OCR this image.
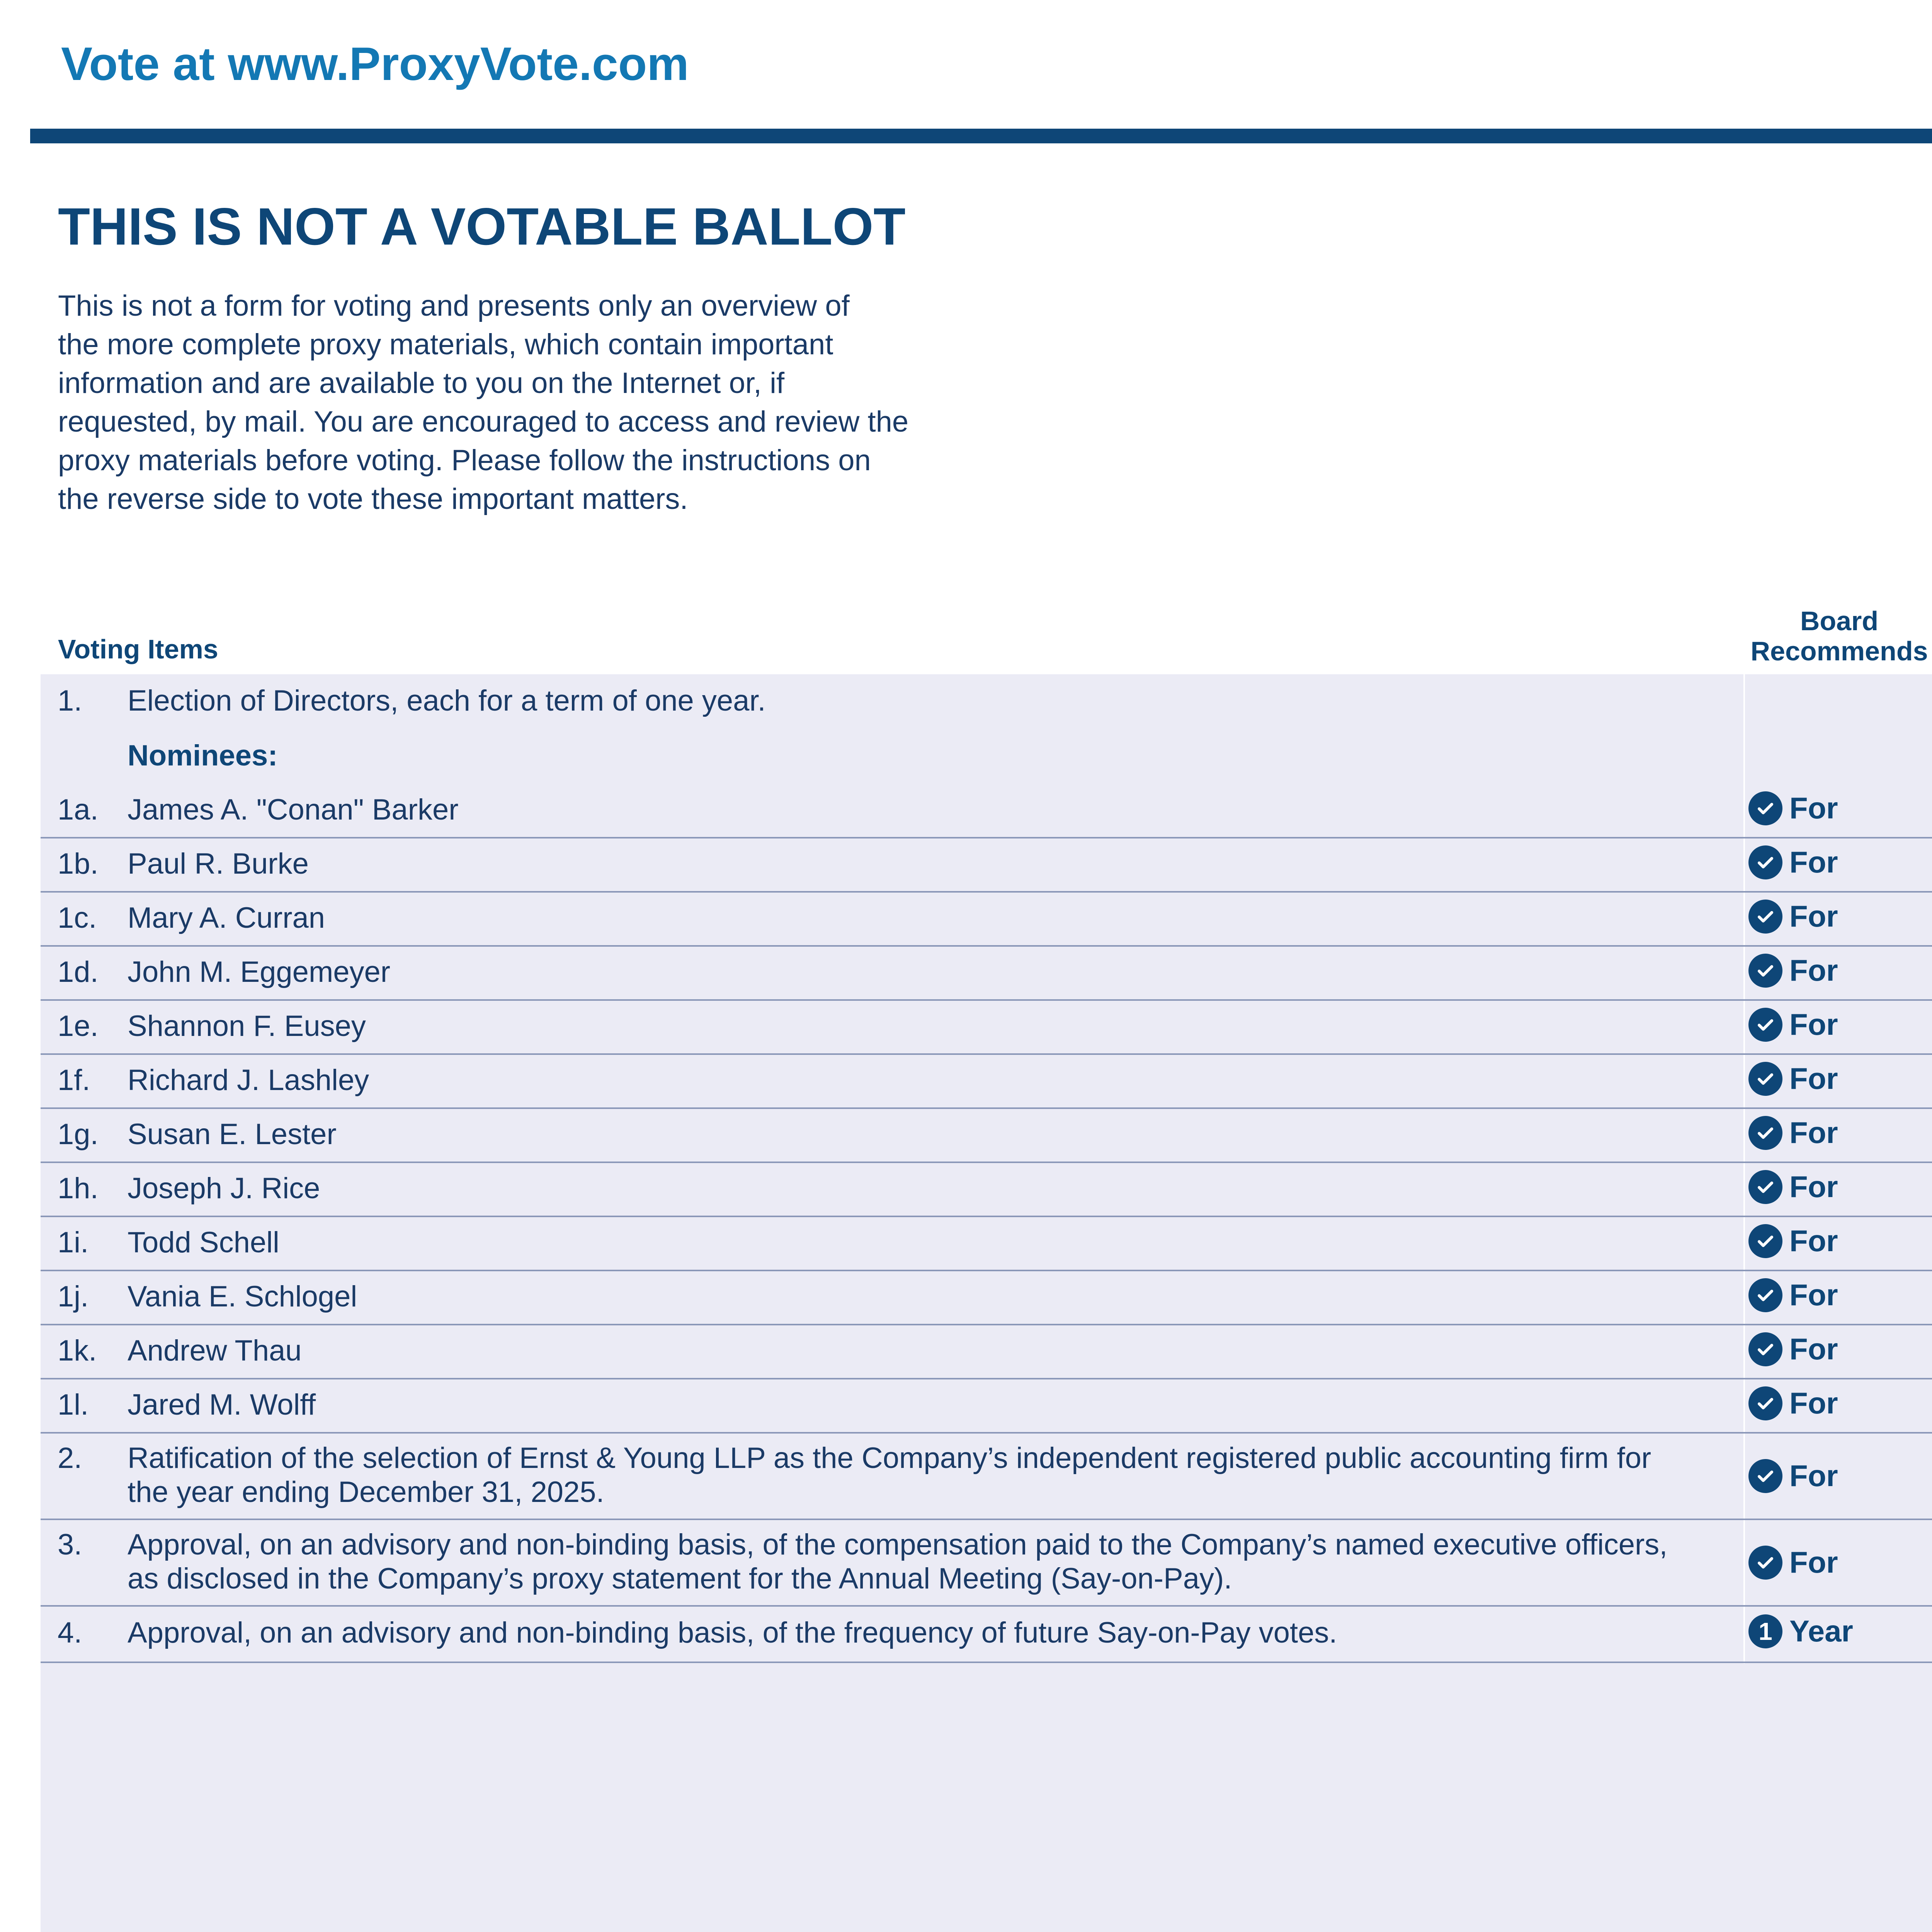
Vote at www.ProxyVote.com
THIS IS NOT A VOTABLE BALLOT
This is not a form for voting and presents only an overview of
the more complete proxy materials, which contain important
information and are available to you on the Internet or, if
requested, by mail. You are encouraged to access and review the
proxy materials before voting. Please follow the instructions on
the reverse side to vote these important matters.
Voting Items
Board
Recommends
1. Election of Directors, each for a term of one year.
Nominees:
1a. James A. "Conan" Barker	For
1b. Paul R. Burke	For
1c. Mary A. Curran	For
1d. John M. Eggemeyer	For
1e. Shannon F. Eusey	For
1f. Richard J. Lashley	For
1g. Susan E. Lester	For
1h. Joseph J. Rice	For
1i. Todd Schell	For
1j. Vania E. Schlogel	For
1k. Andrew Thau	For
1l. Jared M. Wolff	For
2. Ratification of the selection of Ernst & Young LLP as the Company’s independent registered public accounting firm for
the year ending December 31, 2025.	For
3. Approval, on an advisory and non-binding basis, of the compensation paid to the Company’s named executive officers,
as disclosed in the Company’s proxy statement for the Annual Meeting (Say-on-Pay).	For
4. Approval, on an advisory and non-binding basis, of the frequency of future Say-on-Pay votes.	1 Year
